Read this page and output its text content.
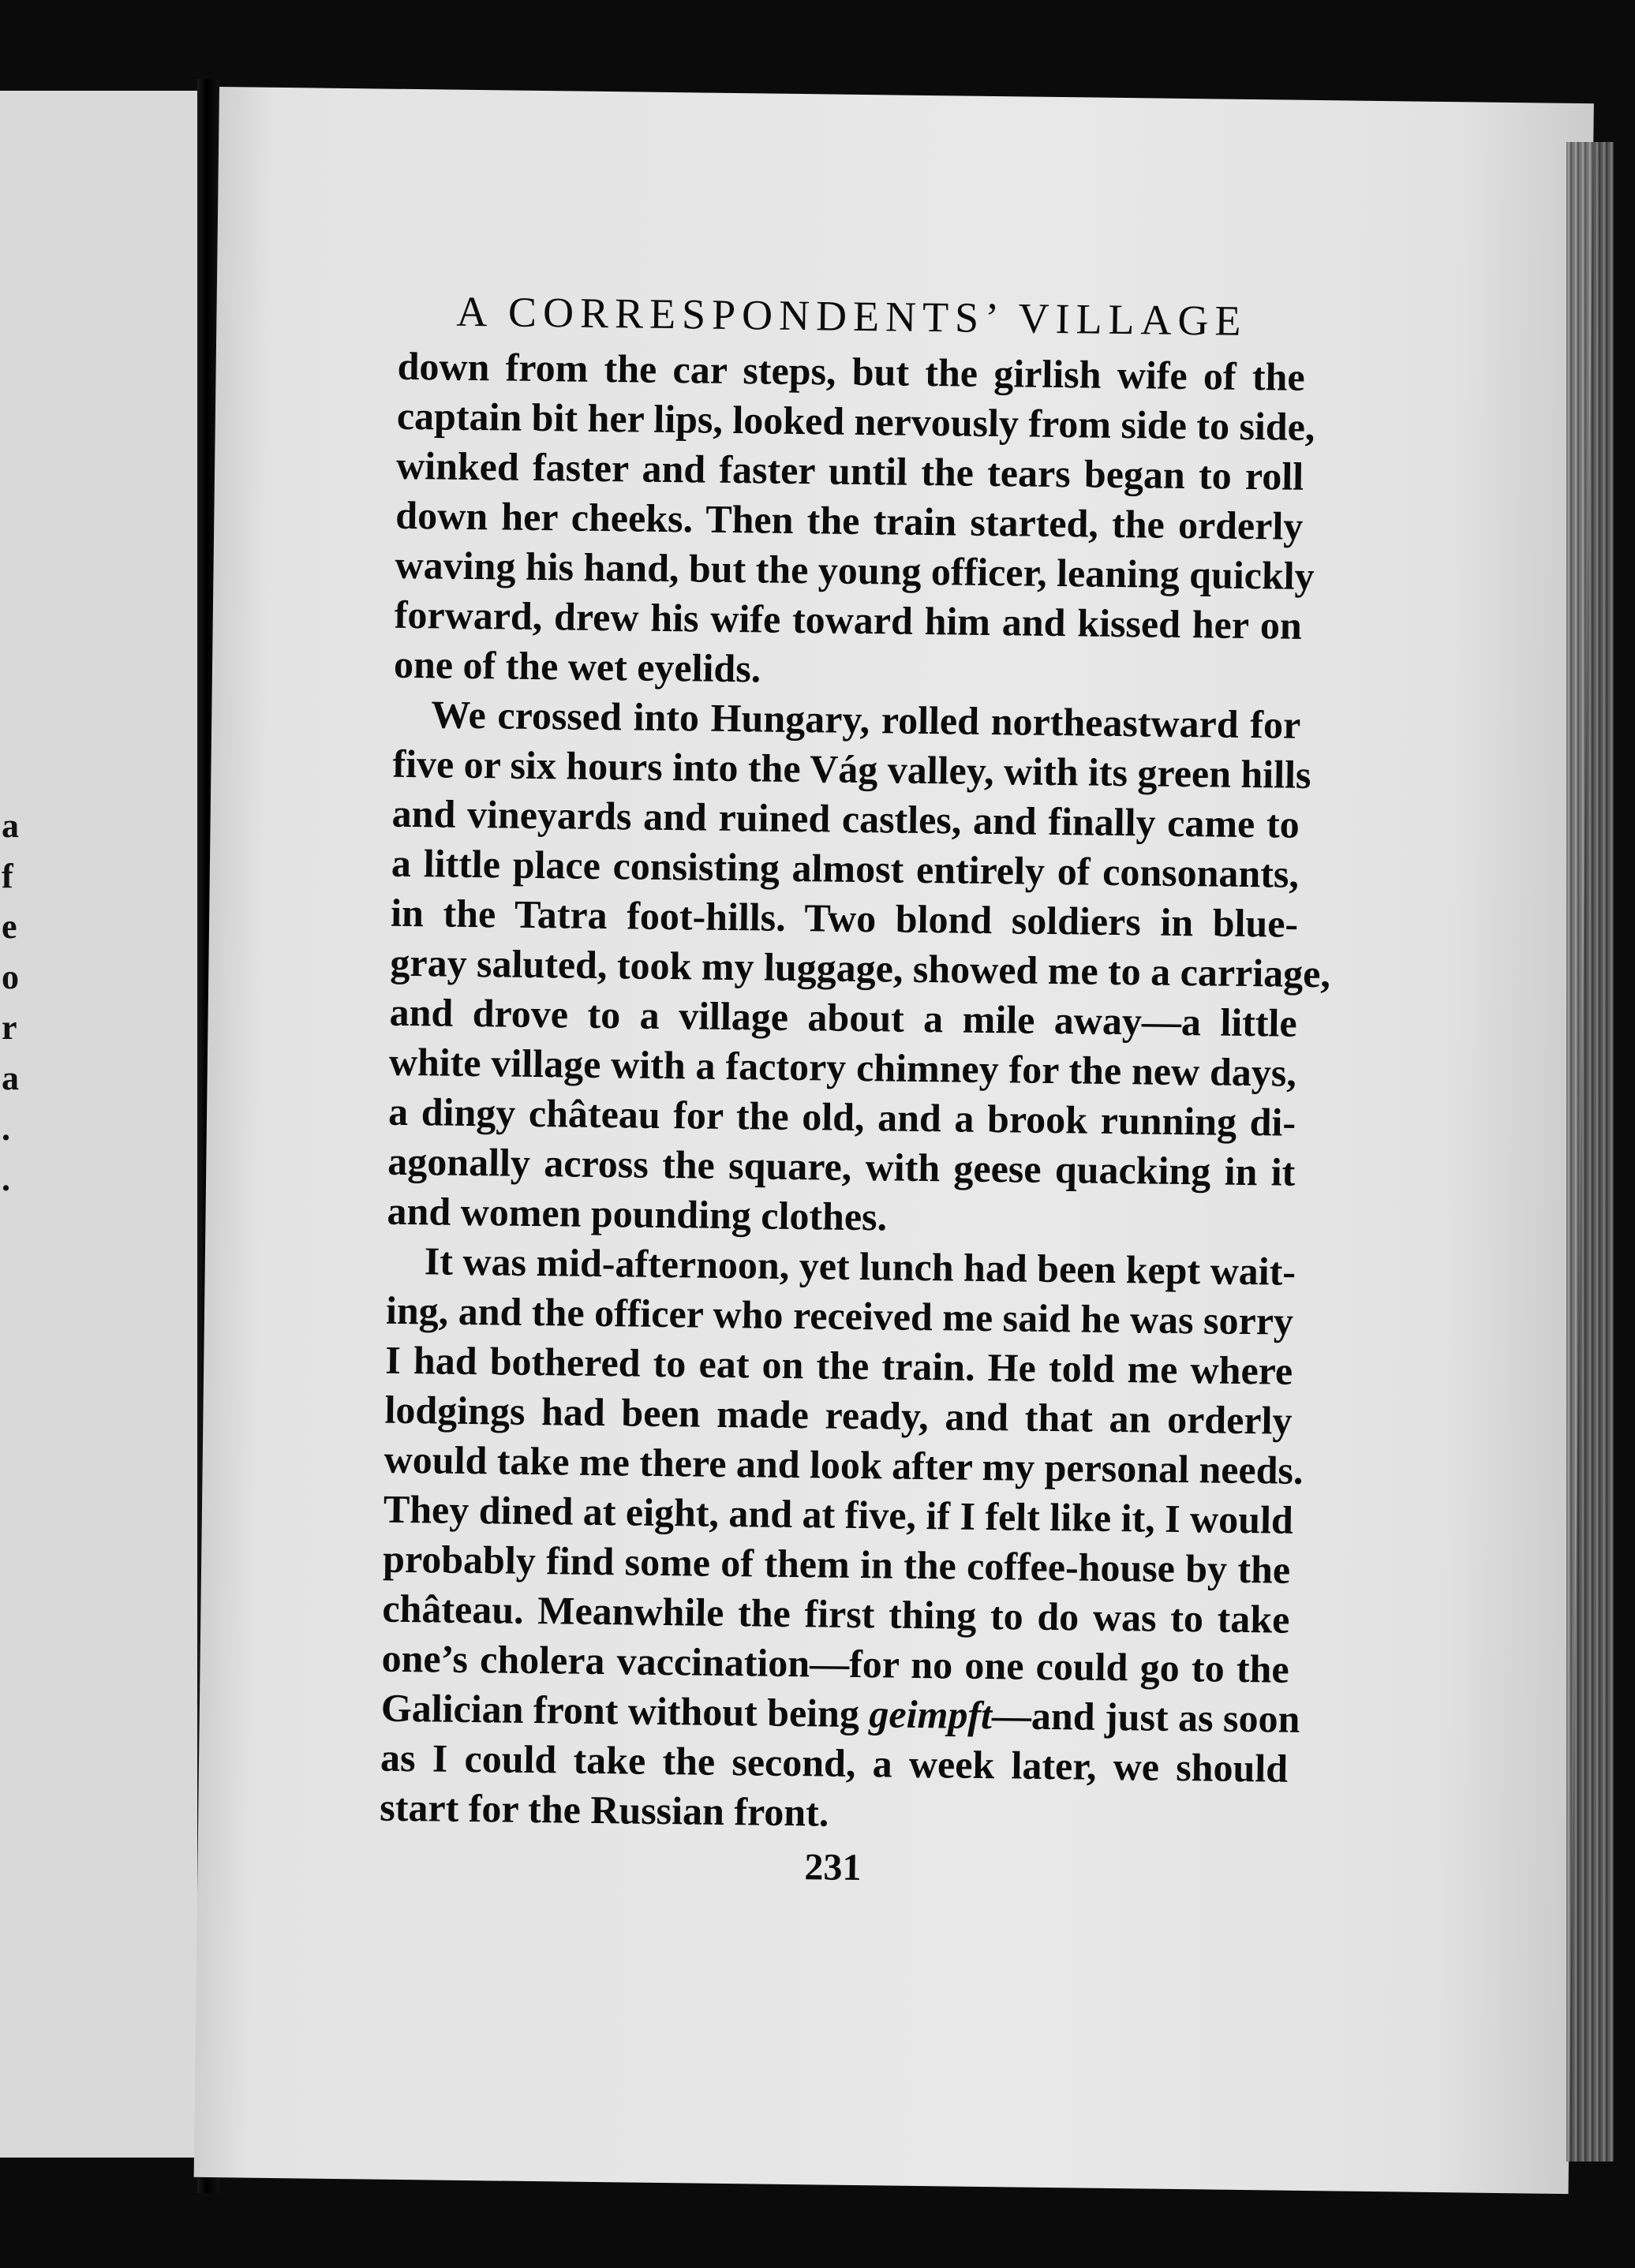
a
f
e
o
r
a
.
.
A CORRESPONDENTS’ VILLAGE
down from the car steps, but the girlish wife of the
captain bit her lips, looked nervously from side to side,
winked faster and faster until the tears began to roll
down her cheeks. Then the train started, the orderly
waving his hand, but the young officer, leaning quickly
forward, drew his wife toward him and kissed her on
one of the wet eyelids.
We crossed into Hungary, rolled northeastward for
five or six hours into the Vág valley, with its green hills
and vineyards and ruined castles, and finally came to
a little place consisting almost entirely of consonants,
in the Tatra foot-hills. Two blond soldiers in blue-
gray saluted, took my luggage, showed me to a carriage,
and drove to a village about a mile away—a little
white village with a factory chimney for the new days,
a dingy château for the old, and a brook running di-
agonally across the square, with geese quacking in it
and women pounding clothes.
It was mid-afternoon, yet lunch had been kept wait-
ing, and the officer who received me said he was sorry
I had bothered to eat on the train. He told me where
lodgings had been made ready, and that an orderly
would take me there and look after my personal needs.
They dined at eight, and at five, if I felt like it, I would
probably find some of them in the coffee-house by the
château. Meanwhile the first thing to do was to take
one’s cholera vaccination—for no one could go to the
Galician front without being geimpft—and just as soon
as I could take the second, a week later, we should
start for the Russian front.
231
